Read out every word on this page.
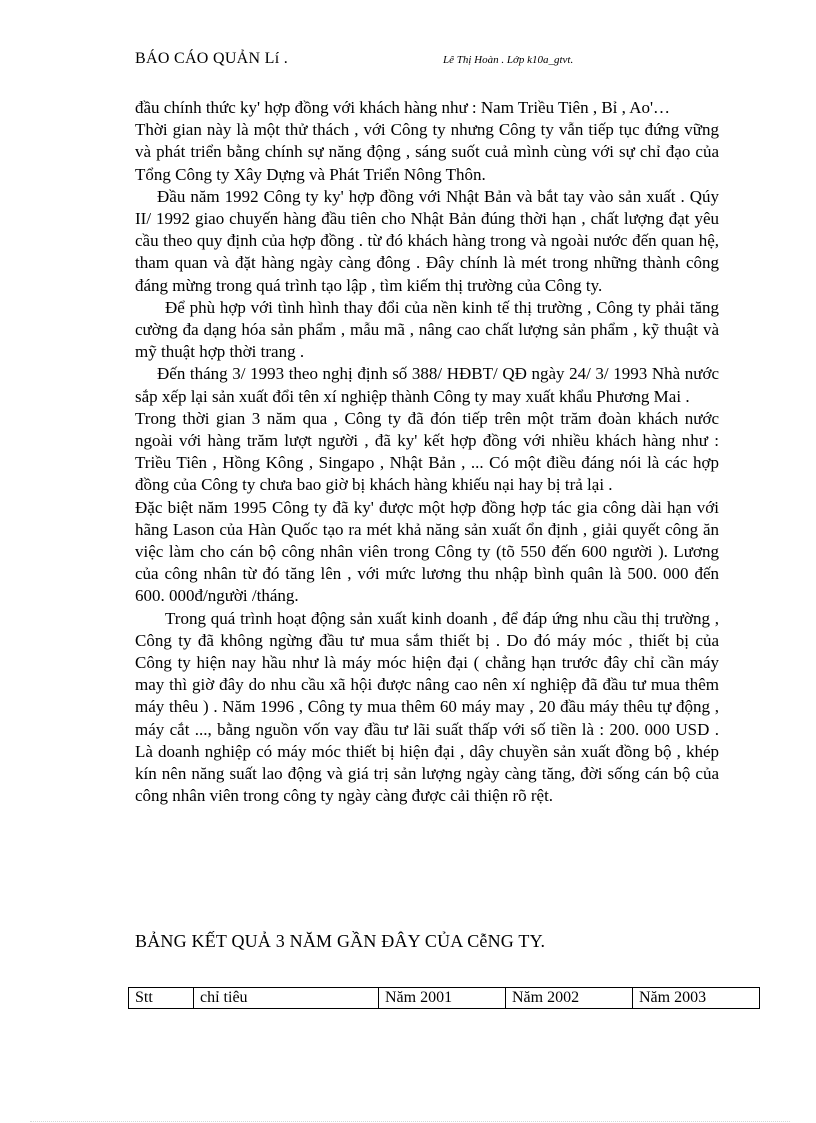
BÁO CÁO QUẢN Lí .	Lê Thị Hoàn . Lớp k10a_gtvt.

đầu chính thức ky' hợp đồng với khách hàng như : Nam Triều Tiên , Bỉ , Ao'…

Thời gian này là một thử thách , với Công ty nhưng Công ty vẫn tiếp tục đứng vững và phát triển bằng chính sự năng động , sáng suốt cuả mình cùng với sự chỉ đạo của Tổng Công ty Xây Dựng và Phát Triển Nông Thôn.

Đầu năm 1992 Công ty ky' hợp đồng với Nhật Bản và bắt tay vào sản xuất . Qúy II/ 1992 giao chuyến hàng đầu tiên cho Nhật Bản đúng thời hạn , chất lượng đạt yêu cầu theo quy định của hợp đồng . từ đó khách hàng trong và ngoài nước đến quan hệ, tham quan và đặt hàng ngày càng đông . Đây chính là mét trong những thành công đáng mừng trong quá trình tạo lập , tìm kiếm thị trường của Công ty.

Để phù hợp với tình hình thay đổi của nền kinh tế thị trường , Công ty phải tăng cường đa dạng hóa sản phẩm , mẫu mã , nâng cao chất lượng sản phẩm , kỹ thuật và mỹ thuật hợp thời trang .

Đến tháng 3/ 1993 theo nghị định số 388/ HĐBT/ QĐ ngày 24/ 3/ 1993 Nhà nước sắp xếp lại sản xuất đổi tên xí nghiệp thành Công ty may xuất khẩu Phương Mai .

Trong thời gian 3 năm qua , Công ty đã đón tiếp trên một trăm đoàn khách nước ngoài với hàng trăm lượt người , đã ky' kết hợp đồng với nhiều khách hàng như : Triều Tiên , Hồng Kông , Singapo , Nhật Bản , ... Có một điều đáng nói là các hợp đồng của Công ty chưa bao giờ bị khách hàng khiếu nại hay bị trả lại .

Đặc biệt năm 1995 Công ty đã ky' được một hợp đồng hợp tác gia công dài hạn với hãng Lason của Hàn Quốc tạo ra mét khả năng sản xuất ổn định , giải quyết công ăn việc làm cho cán bộ công nhân viên trong Công ty (tõ 550 đến 600 người ). Lương của công nhân từ đó tăng lên , với mức lương thu nhập bình quân là 500. 000 đến 600. 000đ/người /tháng.

Trong quá trình hoạt động sản xuất kinh doanh , để đáp ứng nhu cầu thị trường , Công ty đã không ngừng đầu tư mua sắm thiết bị . Do đó máy móc , thiết bị của Công ty hiện nay hầu như là máy móc hiện đại ( chẳng hạn trước đây chỉ cần máy may thì giờ đây do nhu cầu xã hội được nâng cao nên xí nghiệp đã đầu tư mua thêm máy thêu ) . Năm 1996 , Công ty mua thêm 60 máy may , 20 đầu máy thêu tự động , máy cắt ..., bằng nguồn vốn vay đầu tư lãi suất thấp với số tiền là : 200. 000 USD . Là doanh nghiệp có máy móc thiết bị hiện đại , dây chuyền sản xuất đồng bộ , khép kín nên năng suất lao động và giá trị sản lượng ngày càng tăng, đời sống cán bộ của công nhân viên trong công ty ngày càng được cải thiện rõ rệt.

BẢNG KẾT QUẢ 3 NĂM GẦN ĐÂY CỦA CễNG TY.
Stt	chỉ tiêu	Năm 2001	Năm 2002	Năm 2003
